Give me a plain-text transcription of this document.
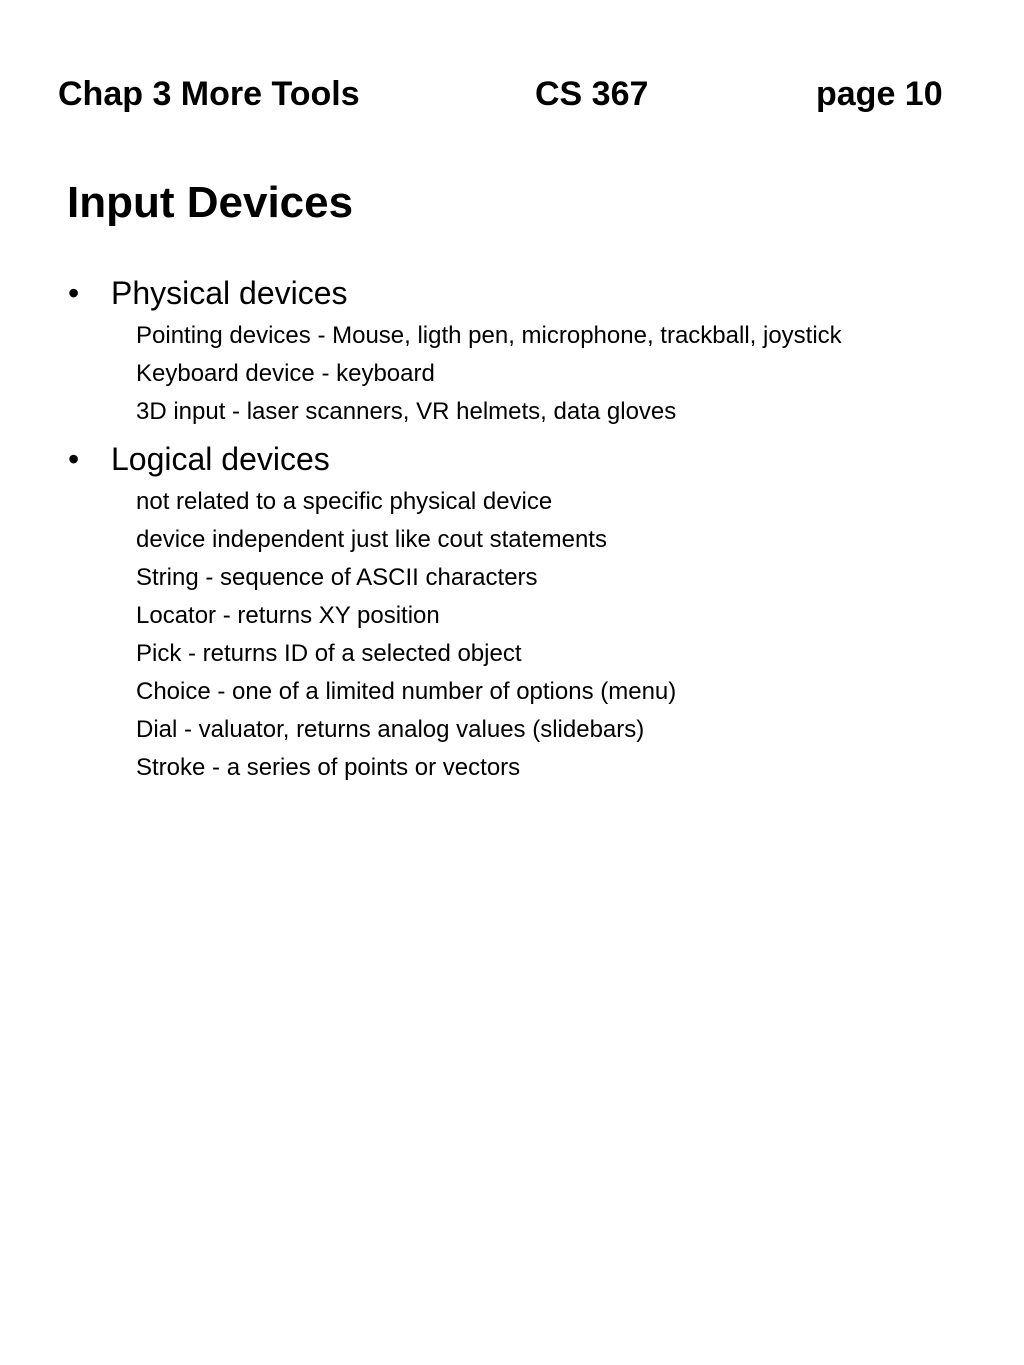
Chap 3 More Tools	CS 367	page 10
Input Devices
• Physical devices
Pointing devices - Mouse, ligth pen, microphone, trackball, joystick
Keyboard device - keyboard
3D input - laser scanners, VR helmets, data gloves
• Logical devices
not related to a specific physical device
device independent just like cout statements
String - sequence of ASCII characters
Locator - returns XY position
Pick - returns ID of a selected object
Choice - one of a limited number of options (menu)
Dial - valuator, returns analog values (slidebars)
Stroke - a series of points or vectors
